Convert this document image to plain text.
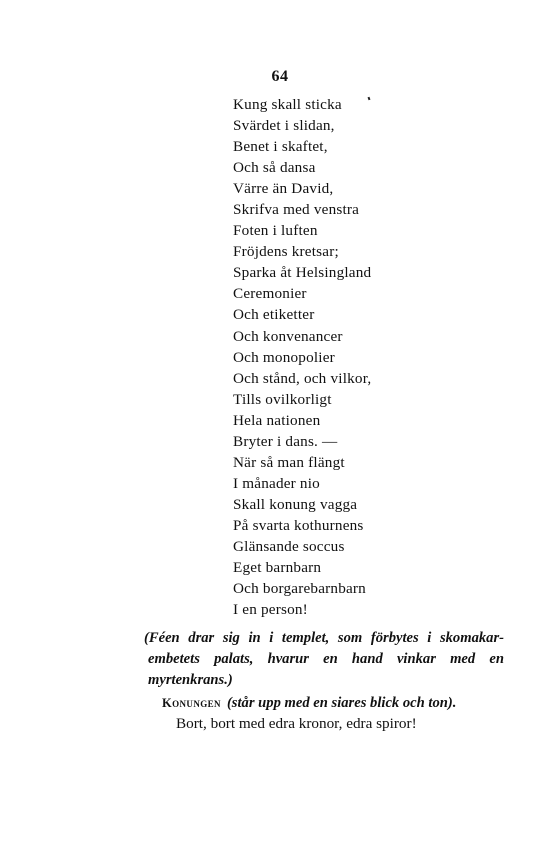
64
Kung skall sticka
Svärdet i slidan,
Benet i skaftet,
Och så dansa
Värre än David,
Skrifva med venstra
Foten i luften
Fröjdens kretsar;
Sparka åt Helsingland
Ceremonier
Och etiketter
Och konvenancer
Och monopolier
Och stånd, och vilkor,
Tills ovilkorligt
Hela nationen
Bryter i dans. —
När så man flängt
I månader nio
Skall konung vagga
På svarta kothurnens
Glänsande soccus
Eget barnbarn
Och borgarebarnbarn
I en person!
(Féen drar sig in i templet, som förbytes i skomakar-embetets palats, hvarur en hand vinkar med en myrtenkrans.)
Konungen (står upp med en siares blick och ton).
Bort, bort med edra kronor, edra spiror!
